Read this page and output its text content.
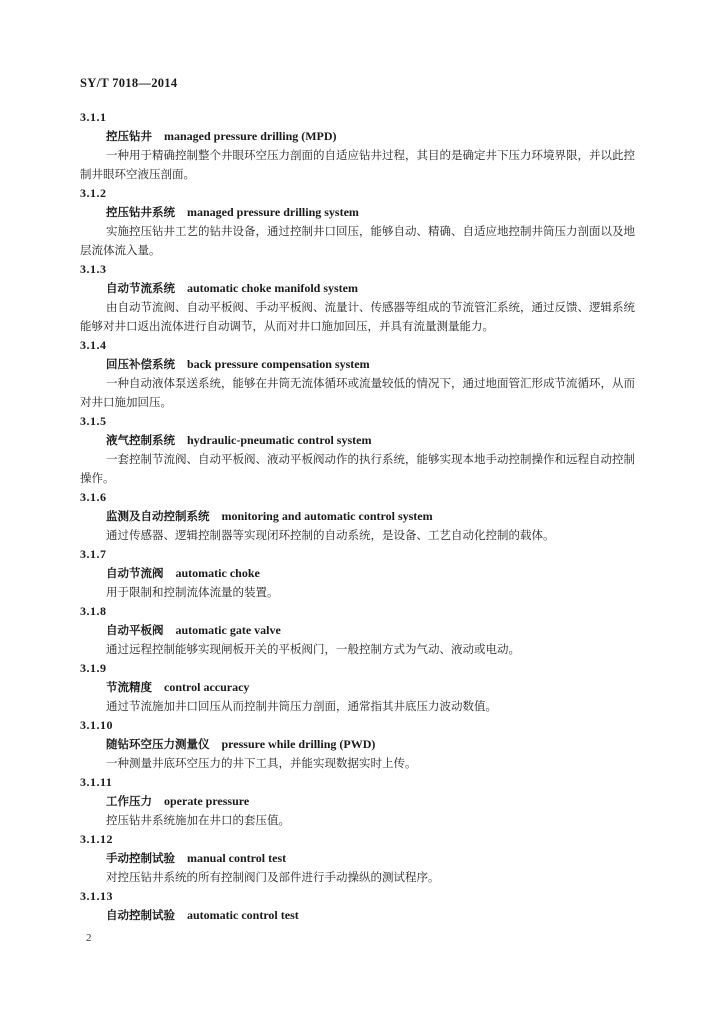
SY/T 7018—2014
3.1.1
控压钻井 managed pressure drilling (MPD)
一种用于精确控制整个井眼环空压力剖面的自适应钻井过程，其目的是确定井下压力环境界限，并以此控制井眼环空液压剖面。
3.1.2
控压钻井系统 managed pressure drilling system
实施控压钻井工艺的钻井设备，通过控制井口回压，能够自动、精确、自适应地控制井筒压力剖面以及地层流体流入量。
3.1.3
自动节流系统 automatic choke manifold system
由自动节流阀、自动平板阀、手动平板阀、流量计、传感器等组成的节流管汇系统，通过反馈、逻辑系统能够对井口返出流体进行自动调节，从而对井口施加回压，并具有流量测量能力。
3.1.4
回压补偿系统 back pressure compensation system
一种自动液体泵送系统，能够在井筒无流体循环或流量较低的情况下，通过地面管汇形成节流循环，从而对井口施加回压。
3.1.5
液气控制系统 hydraulic-pneumatic control system
一套控制节流阀、自动平板阀、液动平板阀动作的执行系统，能够实现本地手动控制操作和远程自动控制操作。
3.1.6
监测及自动控制系统 monitoring and automatic control system
通过传感器、逻辑控制器等实现闭环控制的自动系统，是设备、工艺自动化控制的载体。
3.1.7
自动节流阀 automatic choke
用于限制和控制流体流量的装置。
3.1.8
自动平板阀 automatic gate valve
通过远程控制能够实现闸板开关的平板阀门，一般控制方式为气动、液动或电动。
3.1.9
节流精度 control accuracy
通过节流施加井口回压从而控制井筒压力剖面，通常指其井底压力波动数值。
3.1.10
随钻环空压力测量仪 pressure while drilling (PWD)
一种测量井底环空压力的井下工具，并能实现数据实时上传。
3.1.11
工作压力 operate pressure
控压钻井系统施加在井口的套压值。
3.1.12
手动控制试验 manual control test
对控压钻井系统的所有控制阀门及部件进行手动操纵的测试程序。
3.1.13
自动控制试验 automatic control test
2
